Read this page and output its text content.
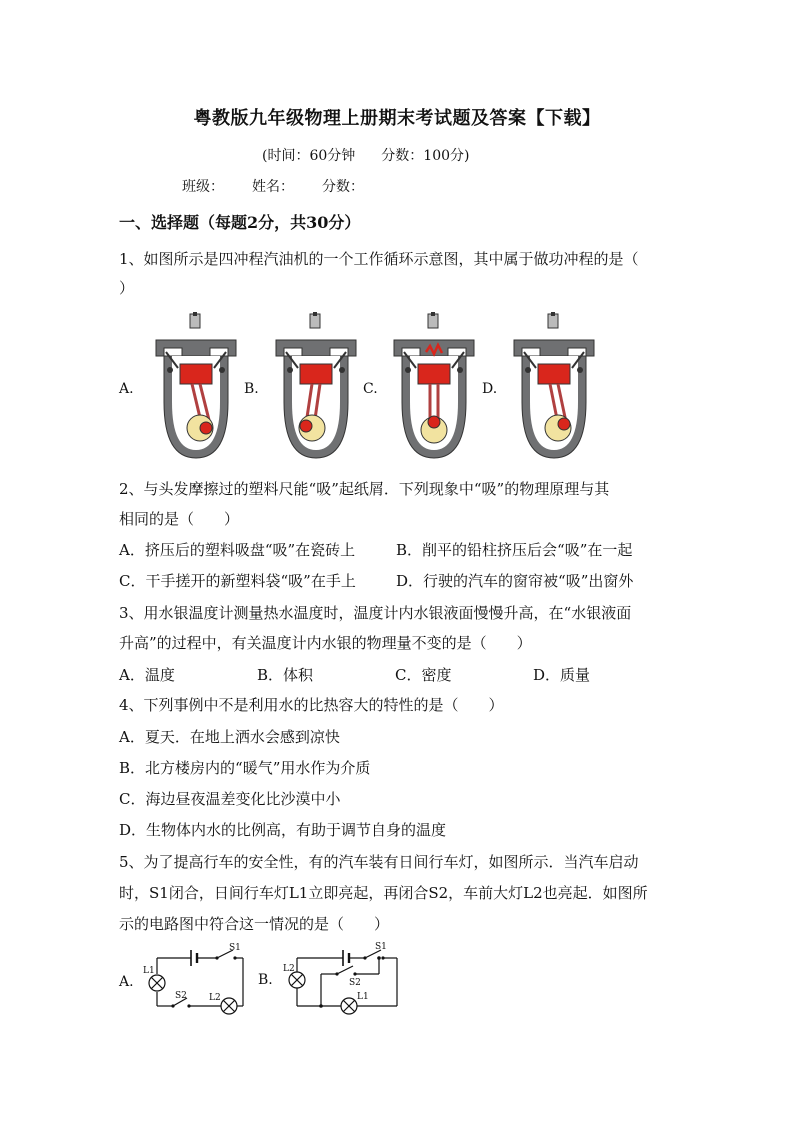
粤教版九年级物理上册期末考试题及答案【下载】
(时间：60分钟 分数：100分)
班级： 姓名： 分数：
一、选择题（每题2分，共30分）
1、如图所示是四冲程汽油机的一个工作循环示意图，其中属于做功冲程的是（
）
A.	B.	C.	D.
2、与头发摩擦过的塑料尺能“吸”起纸屑．下列现象中“吸”的物理原理与其
相同的是（　　）
A．挤压后的塑料吸盘“吸”在瓷砖上	B．削平的铅柱挤压后会“吸”在一起
C．干手搓开的新塑料袋“吸”在手上	D．行驶的汽车的窗帘被“吸”出窗外
3、用水银温度计测量热水温度时，温度计内水银液面慢慢升高，在“水银液面
升高”的过程中，有关温度计内水银的物理量不变的是（　　）
A．温度	B．体积	C．密度	D．质量
4、下列事例中不是利用水的比热容大的特性的是（　　）
A．夏天．在地上洒水会感到凉快
B．北方楼房内的“暖气”用水作为介质
C．海边昼夜温差变化比沙漠中小
D．生物体内水的比例高，有助于调节自身的温度
5、为了提高行车的安全性，有的汽车装有日间行车灯，如图所示．当汽车启动
时，S1闭合，日间行车灯L1立即亮起，再闭合S2，车前大灯L2也亮起．如图所
示的电路图中符合这一情况的是（　　）
A.	B.
S1
L1
S2 L2
S1
L2
S2
L1
